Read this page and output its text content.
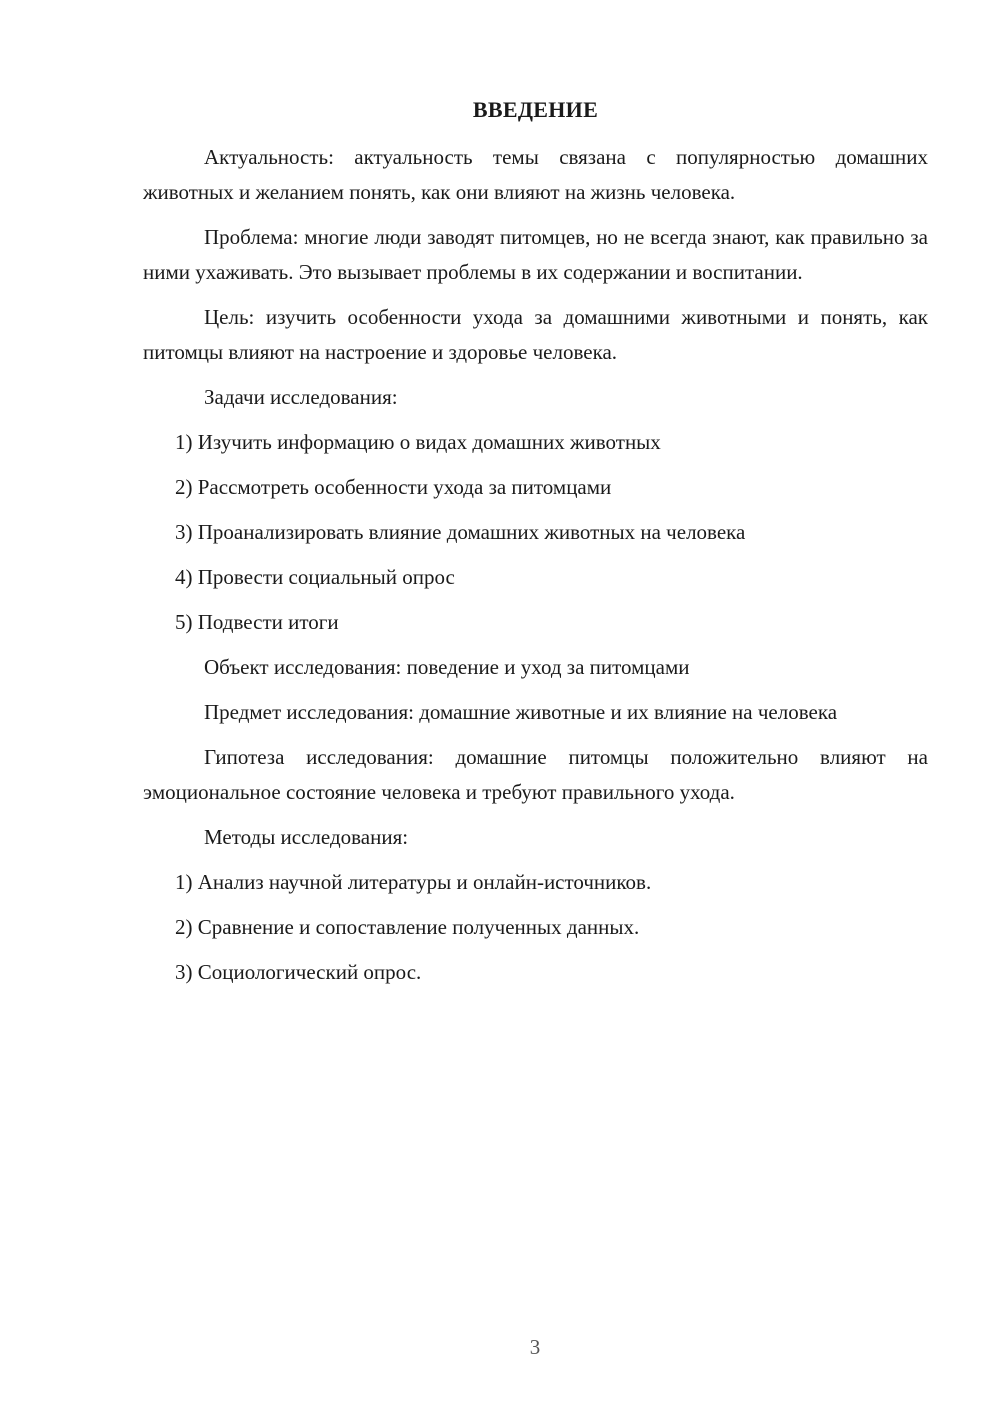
ВВЕДЕНИЕ

Актуальность: актуальность темы связана с популярностью домашних животных и желанием понять, как они влияют на жизнь человека.

Проблема: многие люди заводят питомцев, но не всегда знают, как правильно за ними ухаживать. Это вызывает проблемы в их содержании и воспитании.

Цель: изучить особенности ухода за домашними животными и понять, как питомцы влияют на настроение и здоровье человека.

Задачи исследования:

1) Изучить информацию о видах домашних животных
2) Рассмотреть особенности ухода за питомцами
3) Проанализировать влияние домашних животных на человека
4) Провести социальный опрос
5) Подвести итоги

Объект исследования: поведение и уход за питомцами

Предмет исследования: домашние животные и их влияние на человека

Гипотеза исследования: домашние питомцы положительно влияют на эмоциональное состояние человека и требуют правильного ухода.

Методы исследования:

1) Анализ научной литературы и онлайн-источников.
2) Сравнение и сопоставление полученных данных.
3) Социологический опрос.
3
